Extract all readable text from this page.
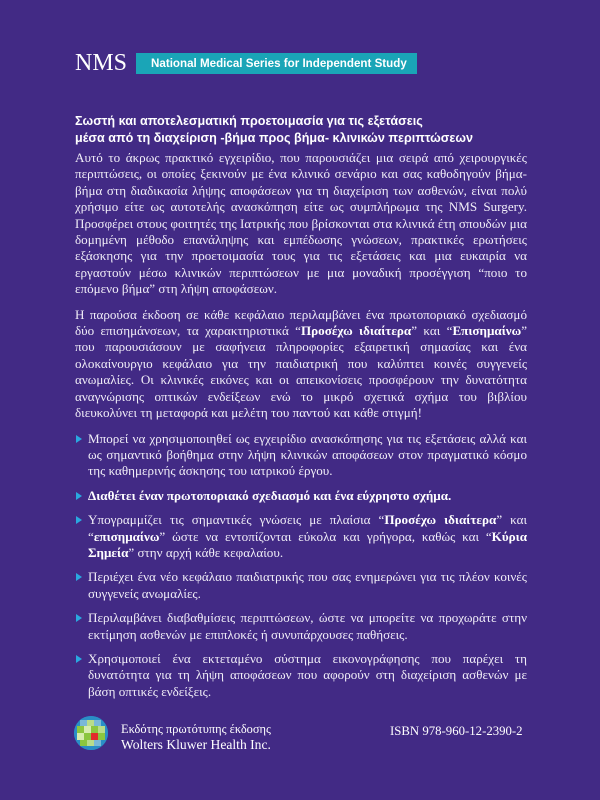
NMS	National Medical Series for Independent Study
Σωστή και αποτελεσματική προετοιμασία για τις εξετάσεις
μέσα από τη διαχείριση -βήμα προς βήμα- κλινικών περιπτώσεων

Αυτό το άκρως πρακτικό εγχειρίδιο, που παρουσιάζει μια σειρά από χειρουργικές περιπτώσεις, οι οποίες ξεκινούν με ένα κλινικό σενάριο και σας καθοδηγούν βήμα-βήμα στη διαδικασία λήψης αποφάσεων για τη διαχείριση των ασθενών, είναι πολύ χρήσιμο είτε ως αυτοτελής ανασκόπηση είτε ως συμπλήρωμα της NMS Surgery. Προσφέρει στους φοιτητές της Ιατρικής που βρίσκονται στα κλινικά έτη σπουδών μια δομημένη μέθοδο επανάληψης και εμπέδωσης γνώσεων, πρακτικές ερωτήσεις εξάσκησης για την προετοιμασία τους για τις εξετάσεις και μια ευκαιρία να εργαστούν μέσω κλινικών περιπτώσεων με μια μοναδική προσέγγιση “ποιο το επόμενο βήμα” στη λήψη αποφάσεων.

Η παρούσα έκδοση σε κάθε κεφάλαιο περιλαμβάνει ένα πρωτοποριακό σχεδιασμό δύο επισημάνσεων, τα χαρακτηριστικά “Προσέχω ιδιαίτερα” και “Επισημαίνω” που παρουσιάσουν με σαφήνεια πληροφορίες εξαιρετική σημασίας και ένα ολοκαίνουργιο κεφάλαιο για την παιδιατρική που καλύπτει κοινές συγγενείς ανωμαλίες. Οι κλινικές εικόνες και οι απεικονίσεις προσφέρουν την δυνατότητα αναγνώρισης οπτικών ενδείξεων ενώ το μικρό σχετικά σχήμα του βιβλίου διευκολύνει τη μεταφορά και μελέτη του παντού και κάθε στιγμή!

Μπορεί να χρησιμοποιηθεί ως εγχειρίδιο ανασκόπησης για τις εξετάσεις αλλά και ως σημαντικό βοήθημα στην λήψη κλινικών αποφάσεων στον πραγματικό κόσμο της καθημερινής άσκησης του ιατρικού έργου.
Διαθέτει έναν πρωτοποριακό σχεδιασμό και ένα εύχρηστο σχήμα.
Υπογραμμίζει τις σημαντικές γνώσεις με πλαίσια “Προσέχω ιδιαίτερα” και “επισημαίνω” ώστε να εντοπίζονται εύκολα και γρήγορα, καθώς και “Κύρια Σημεία” στην αρχή κάθε κεφαλαίου.
Περιέχει ένα νέο κεφάλαιο παιδιατρικής που σας ενημερώνει για τις πλέον κοινές συγγενείς ανωμαλίες.
Περιλαμβάνει διαβαθμίσεις περιπτώσεων, ώστε να μπορείτε να προχωράτε στην εκτίμηση ασθενών με επιπλοκές ή συνυπάρχουσες παθήσεις.
Χρησιμοποιεί ένα εκτεταμένο σύστημα εικονογράφησης που παρέχει τη δυνατότητα για τη λήψη αποφάσεων που αφορούν στη διαχείριση ασθενών με βάση οπτικές ενδείξεις.
Εκδότης πρωτότυπης έκδοσης
Wolters Kluwer Health Inc.
ISBN 978-960-12-2390-2
